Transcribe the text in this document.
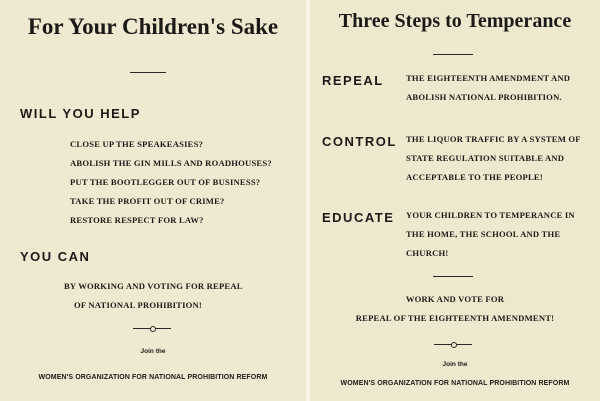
For Your Children's Sake
WILL YOU HELP
CLOSE UP THE SPEAKEASIES?
ABOLISH THE GIN MILLS AND ROADHOUSES?
PUT THE BOOTLEGGER OUT OF BUSINESS?
TAKE THE PROFIT OUT OF CRIME?
RESTORE RESPECT FOR LAW?
YOU CAN
BY WORKING AND VOTING FOR REPEAL
OF NATIONAL PROHIBITION!
Join the
WOMEN'S ORGANIZATION FOR NATIONAL PROHIBITION REFORM
Three Steps to Temperance
REPEAL	THE EIGHTEENTH AMENDMENT AND
ABOLISH NATIONAL PROHIBITION.
CONTROL THE LIQUOR TRAFFIC BY A SYSTEM OF
STATE REGULATION SUITABLE AND
ACCEPTABLE TO THE PEOPLE!
EDUCATE YOUR CHILDREN TO TEMPERANCE IN
THE HOME, THE SCHOOL AND THE
CHURCH!
WORK AND VOTE FOR
REPEAL OF THE EIGHTEENTH AMENDMENT!
Join the
WOMEN'S ORGANIZATION FOR NATIONAL PROHIBITION REFORM
